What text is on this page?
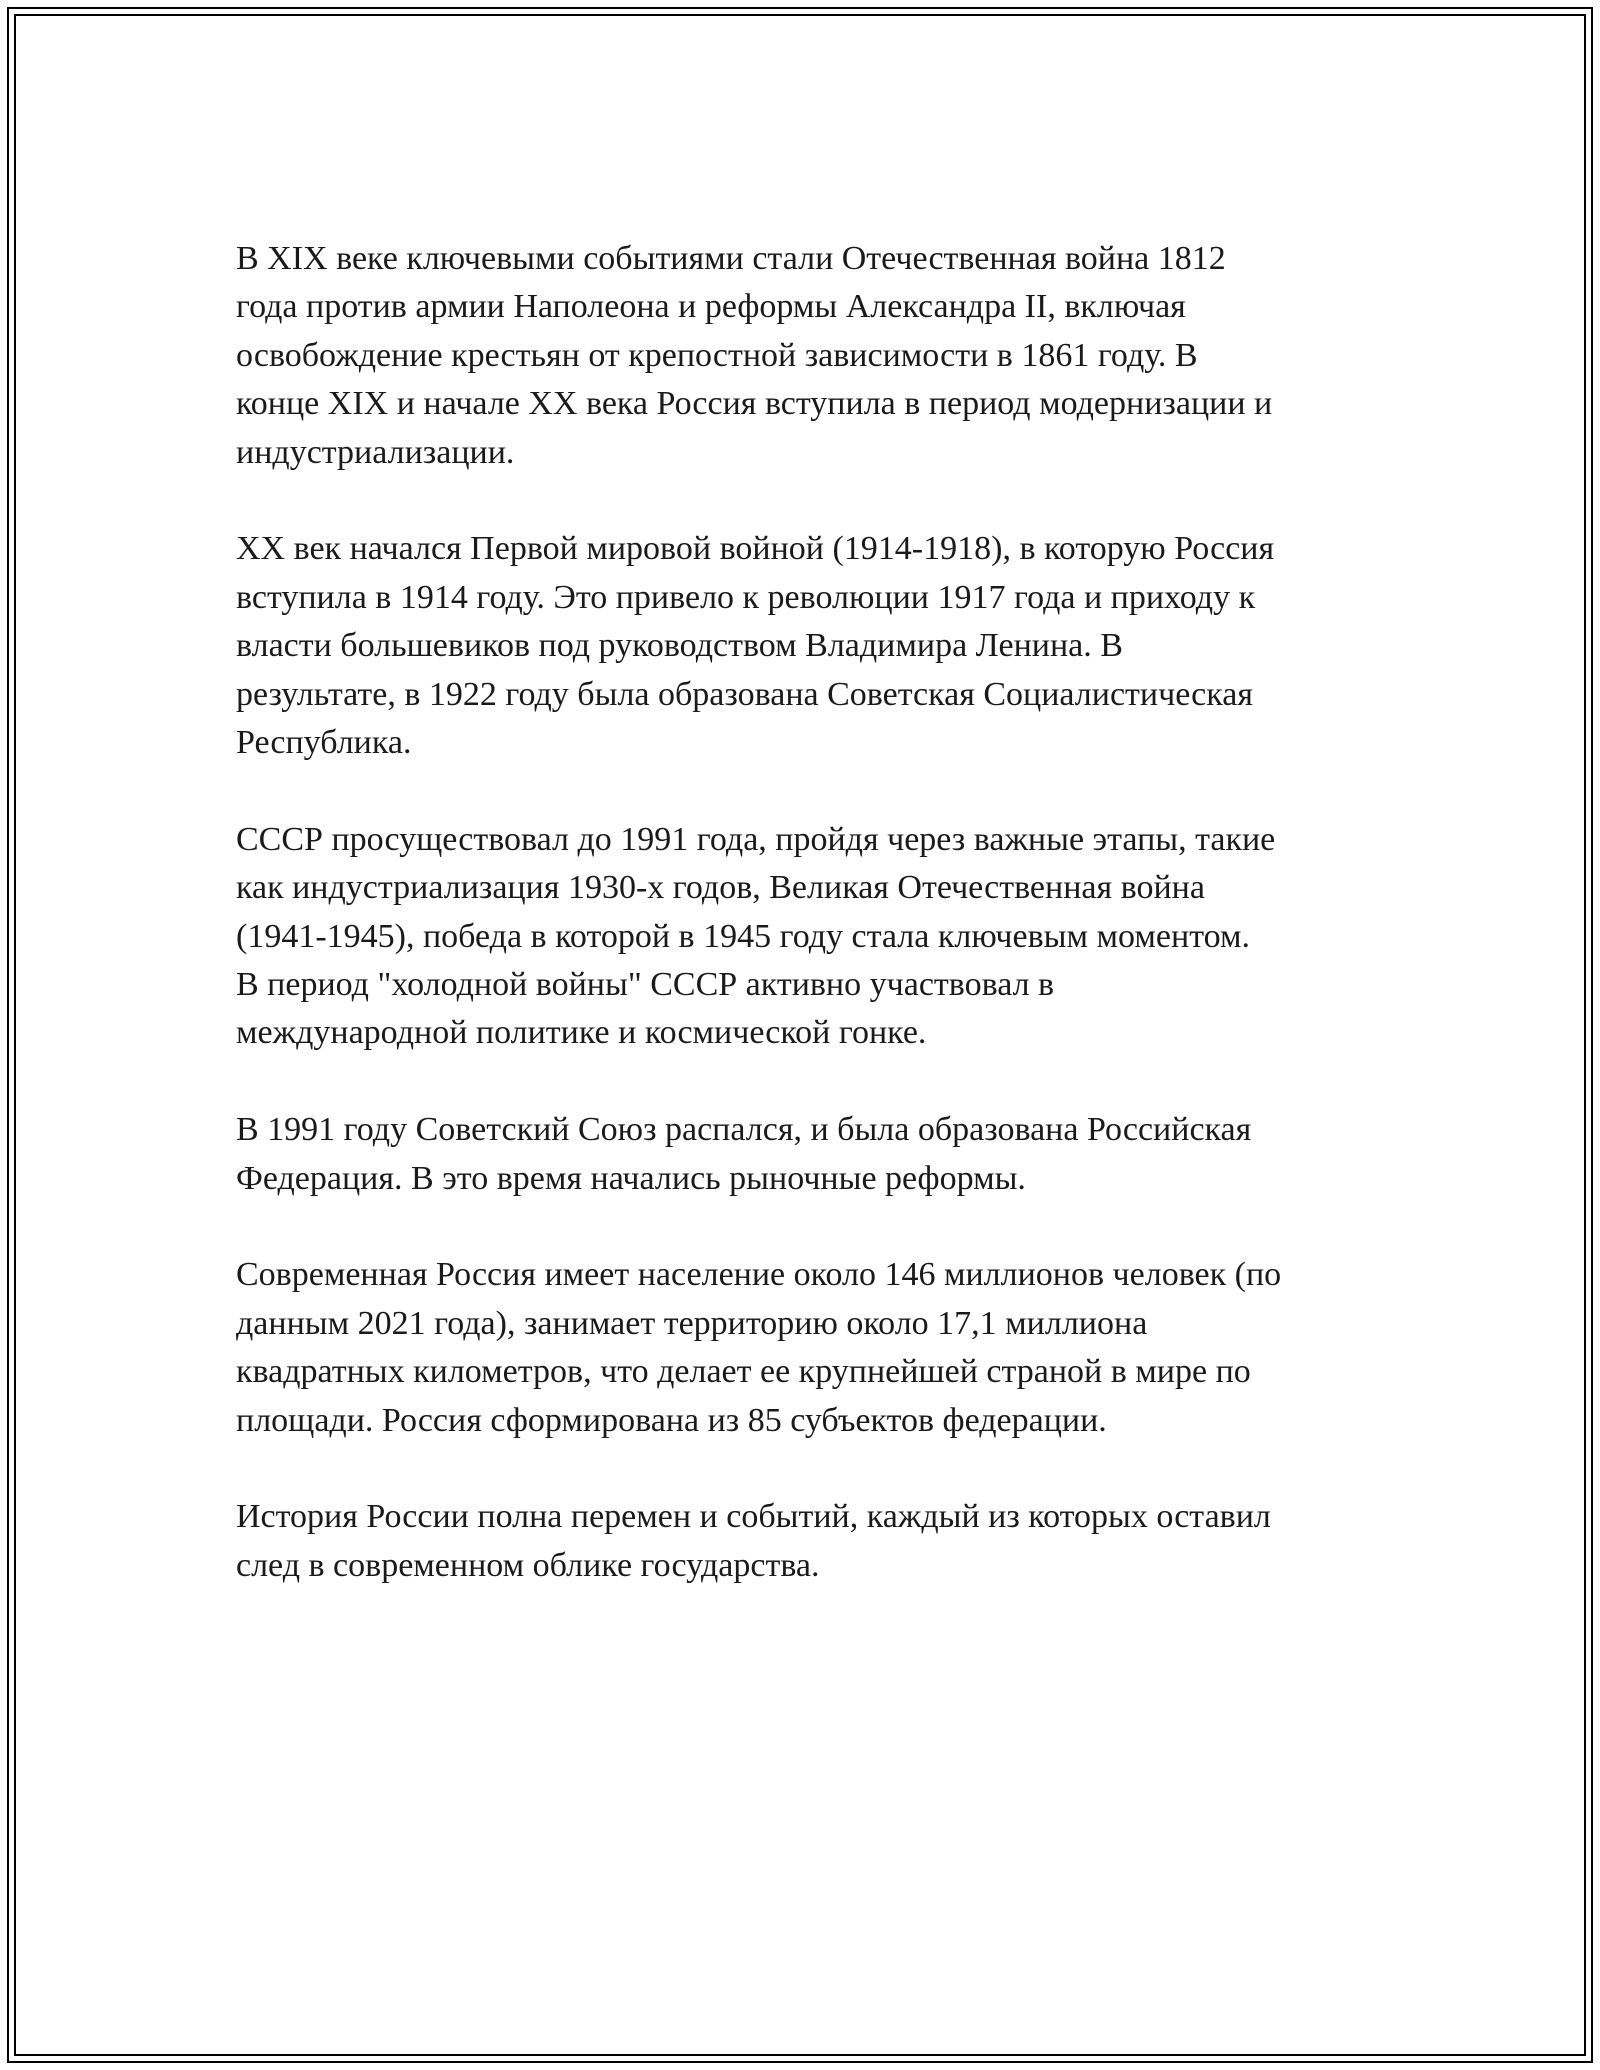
В XIX веке ключевыми событиями стали Отечественная война 1812
года против армии Наполеона и реформы Александра II, включая
освобождение крестьян от крепостной зависимости в 1861 году. В
конце XIX и начале XX века Россия вступила в период модернизации и
индустриализации.

XX век начался Первой мировой войной (1914-1918), в которую Россия
вступила в 1914 году. Это привело к революции 1917 года и приходу к
власти большевиков под руководством Владимира Ленина. В
результате, в 1922 году была образована Советская Социалистическая
Республика.

СССР просуществовал до 1991 года, пройдя через важные этапы, такие
как индустриализация 1930-х годов, Великая Отечественная война
(1941-1945), победа в которой в 1945 году стала ключевым моментом.
В период "холодной войны" СССР активно участвовал в
международной политике и космической гонке.

В 1991 году Советский Союз распался, и была образована Российская
Федерация. В это время начались рыночные реформы.

Современная Россия имеет население около 146 миллионов человек (по
данным 2021 года), занимает территорию около 17,1 миллиона
квадратных километров, что делает ее крупнейшей страной в мире по
площади. Россия сформирована из 85 субъектов федерации.

История России полна перемен и событий, каждый из которых оставил
след в современном облике государства.
